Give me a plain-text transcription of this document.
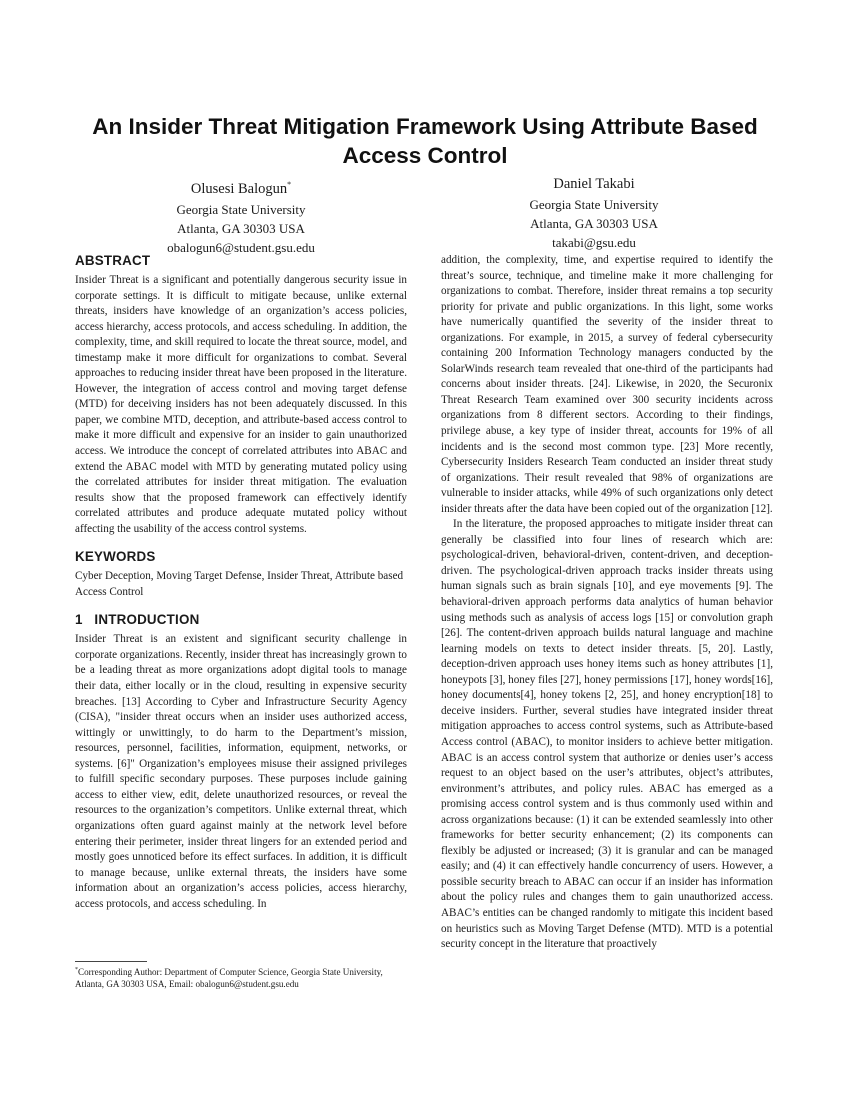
An Insider Threat Mitigation Framework Using Attribute Based Access Control
Olusesi Balogun*
Georgia State University
Atlanta, GA 30303 USA
obalogun6@student.gsu.edu
Daniel Takabi
Georgia State University
Atlanta, GA 30303 USA
takabi@gsu.edu
ABSTRACT

Insider Threat is a significant and potentially dangerous security issue in corporate settings. It is difficult to mitigate because, unlike external threats, insiders have knowledge of an organization’s access policies, access hierarchy, access protocols, and access scheduling. In addition, the complexity, time, and skill required to locate the threat source, model, and timestamp make it more difficult for organizations to combat. Several approaches to reducing insider threat have been proposed in the literature. However, the integration of access control and moving target defense (MTD) for deceiving insiders has not been adequately discussed. In this paper, we combine MTD, deception, and attribute-based access control to make it more difficult and expensive for an insider to gain unauthorized access. We introduce the concept of correlated attributes into ABAC and extend the ABAC model with MTD by generating mutated policy using the correlated attributes for insider threat mitigation. The evaluation results show that the proposed framework can effectively identify correlated attributes and produce adequate mutated policy without affecting the usability of the access control systems.

KEYWORDS

Cyber Deception, Moving Target Defense, Insider Threat, Attribute based Access Control

1   INTRODUCTION

Insider Threat is an existent and significant security challenge in corporate organizations. Recently, insider threat has increasingly grown to be a leading threat as more organizations adopt digital tools to manage their data, either locally or in the cloud, resulting in expensive security breaches. [13] According to Cyber and Infrastructure Security Agency (CISA), "insider threat occurs when an insider uses authorized access, wittingly or unwittingly, to do harm to the Department’s mission, resources, personnel, facilities, information, equipment, networks, or systems. [6]" Organization’s employees misuse their assigned privileges to fulfill specific secondary purposes. These purposes include gaining access to either view, edit, delete unauthorized resources, or reveal the resources to the organization’s competitors. Unlike external threat, which organizations often guard against mainly at the network level before entering their perimeter, insider threat lingers for an extended period and mostly goes unnoticed before its effect surfaces. In addition, it is difficult to manage because, unlike external threats, the insiders have some information about an organization’s access policies, access hierarchy, access protocols, and access scheduling. In

*Corresponding Author: Department of Computer Science, Georgia State University, Atlanta, GA 30303 USA, Email: obalogun6@student.gsu.edu

addition, the complexity, time, and expertise required to identify the threat’s source, technique, and timeline make it more challenging for organizations to combat. Therefore, insider threat remains a top security priority for private and public organizations. In this light, some works have numerically quantified the severity of the insider threat to organizations. For example, in 2015, a survey of federal cybersecurity containing 200 Information Technology managers conducted by the SolarWinds research team revealed that one-third of the participants had concerns about insider threats. [24]. Likewise, in 2020, the Securonix Threat Research Team examined over 300 security incidents across organizations from 8 different sectors. According to their findings, privilege abuse, a key type of insider threat, accounts for 19% of all incidents and is the second most common type. [23] More recently, Cybersecurity Insiders Research Team conducted an insider threat study of organizations. Their result revealed that 98% of organizations are vulnerable to insider attacks, while 49% of such organizations only detect insider threats after the data have been copied out of the organization [12].

In the literature, the proposed approaches to mitigate insider threat can generally be classified into four lines of research which are: psychological-driven, behavioral-driven, content-driven, and deception-driven. The psychological-driven approach tracks insider threats using human signals such as brain signals [10], and eye movements [9]. The behavioral-driven approach performs data analytics of human behavior using methods such as analysis of access logs [15] or convolution graph [26]. The content-driven approach builds natural language and machine learning models on texts to detect insider threats. [5, 20]. Lastly, deception-driven approach uses honey items such as honey attributes [1], honeypots [3], honey files [27], honey permissions [17], honey words[16], honey documents[4], honey tokens [2, 25], and honey encryption[18] to deceive insiders. Further, several studies have integrated insider threat mitigation approaches to access control systems, such as Attribute-based Access control (ABAC), to monitor insiders to achieve better mitigation. ABAC is an access control system that authorize or denies user’s access request to an object based on the user’s attributes, object’s attributes, environment’s attributes, and policy rules. ABAC has emerged as a promising access control system and is thus commonly used within and across organizations because: (1) it can be extended seamlessly into other frameworks for better security enhancement; (2) its components can flexibly be adjusted or increased; (3) it is granular and can be managed easily; and (4) it can effectively handle concurrency of users. However, a possible security breach to ABAC can occur if an insider has information about the policy rules and changes them to gain unauthorized access. ABAC’s entities can be changed randomly to mitigate this incident based on heuristics such as Moving Target Defense (MTD). MTD is a potential security concept in the literature that proactively
